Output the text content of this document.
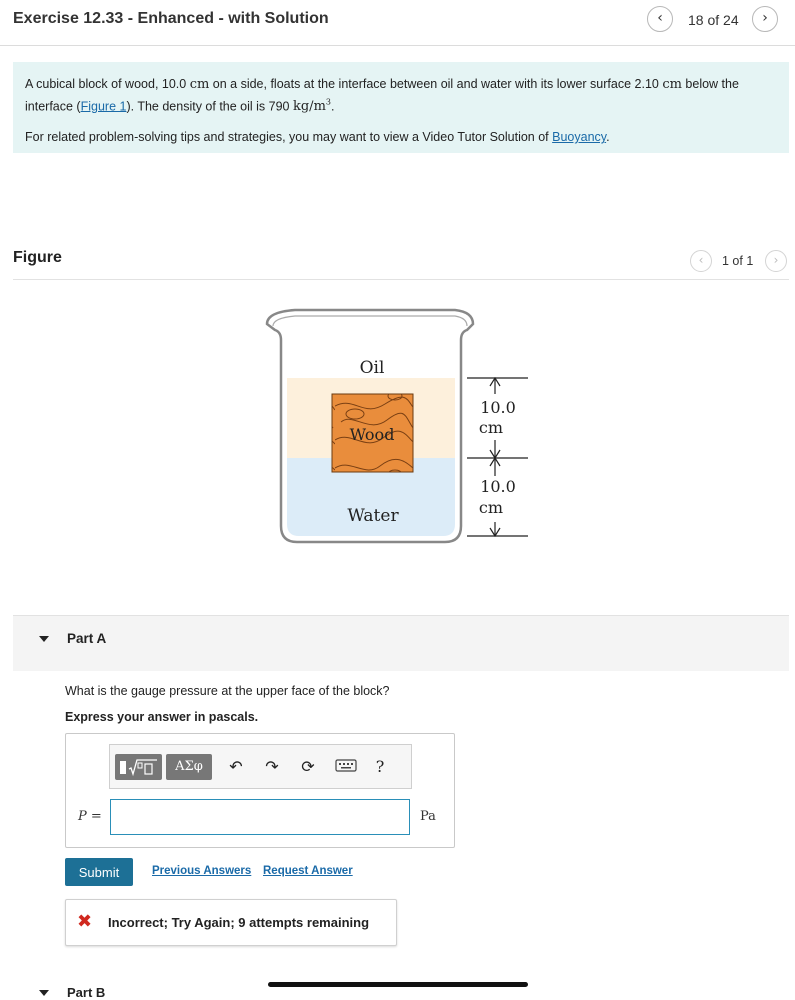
Exercise 12.33 - Enhanced - with Solution	‹	18 of 24	›

A cubical block of wood, 10.0 cm on a side, floats at the interface between oil and water with its lower surface 2.10 cm below the interface (Figure 1). The density of the oil is 790 $kg/m^3$.

For related problem-solving tips and strategies, you may want to view a Video Tutor Solution of Buoyancy.

Figure	‹	1 of 1	›
Oil
Wood
Water
10.0
cm
10.0
cm
Part A
What is the gauge pressure at the upper face of the block?
Express your answer in pascals.
ΑΣφ	↶	↷	⟳	?
P =	Pa
Submit	Previous Answers Request Answer
✖ Incorrect; Try Again; 9 attempts remaining
Part B
